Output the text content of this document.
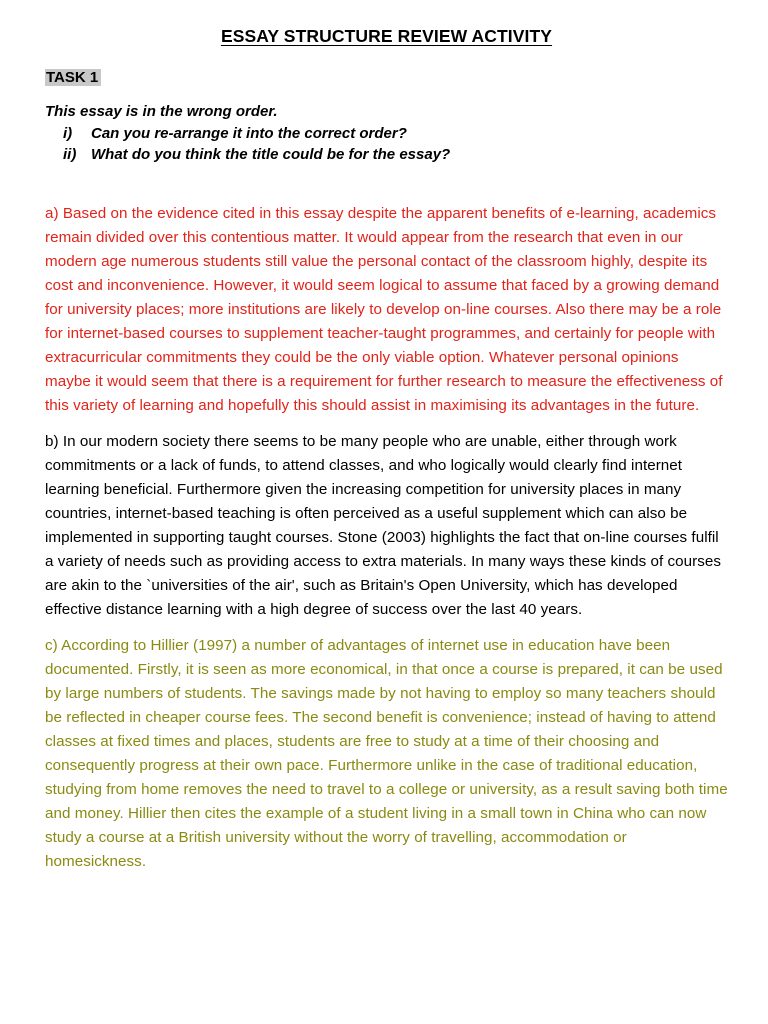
ESSAY STRUCTURE REVIEW ACTIVITY
TASK 1
This essay is in the wrong order.
i)	Can you re-arrange it into the correct order?
ii) What do you think the title could be for the essay?

a) Based on the evidence cited in this essay despite the apparent benefits of e-learning, academics remain divided over this contentious matter. It would appear from the research that even in our modern age numerous students still value the personal contact of the classroom highly, despite its cost and inconvenience. However, it would seem logical to assume that faced by a growing demand for university places; more institutions are likely to develop on-line courses. Also there may be a role for internet-based courses to supplement teacher-taught programmes, and certainly for people with extracurricular commitments they could be the only viable option. Whatever personal opinions maybe it would seem that there is a requirement for further research to measure the effectiveness of this variety of learning and hopefully this should assist in maximising its advantages in the future.

b) In our modern society there seems to be many people who are unable, either through work commitments or a lack of funds, to attend classes, and who logically would clearly find internet learning beneficial. Furthermore given the increasing competition for university places in many countries, internet-based teaching is often perceived as a useful supplement which can also be implemented in supporting taught courses. Stone (2003) highlights the fact that on-line courses fulfil a variety of needs such as providing access to extra materials. In many ways these kinds of courses are akin to the `universities of the air', such as Britain's Open University, which has developed effective distance learning with a high degree of success over the last 40 years.

c) According to Hillier (1997) a number of advantages of internet use in education have been documented. Firstly, it is seen as more economical, in that once a course is prepared, it can be used by large numbers of students. The savings made by not having to employ so many teachers should be reflected in cheaper course fees. The second benefit is convenience; instead of having to attend classes at fixed times and places, students are free to study at a time of their choosing and consequently progress at their own pace. Furthermore unlike in the case of traditional education, studying from home removes the need to travel to a college or university, as a result saving both time and money. Hillier then cites the example of a student living in a small town in China who can now study a course at a British university without the worry of travelling, accommodation or homesickness.
